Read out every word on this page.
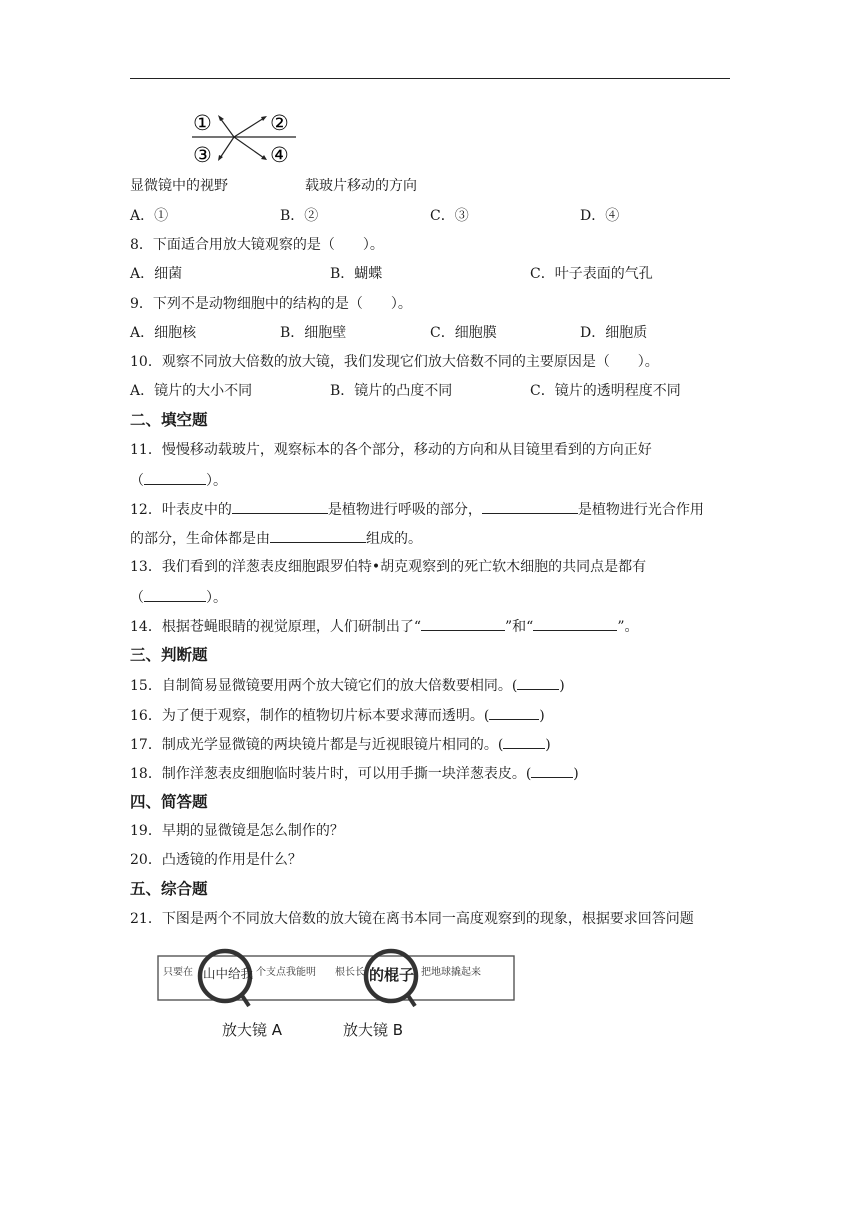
①	②
③	④
显微镜中的视野	载玻片移动的方向
A．①	B．②	C．③	D．④
8．下面适合用放大镜观察的是（　　）。
A．细菌	B．蝴蝶	C．叶子表面的气孔
9．下列不是动物细胞中的结构的是（　　）。
A．细胞核	B．细胞壁	C．细胞膜	D．细胞质
10．观察不同放大倍数的放大镜，我们发现它们放大倍数不同的主要原因是（　　）。
A．镜片的大小不同	B．镜片的凸度不同	C．镜片的透明程度不同
二、填空题
11．慢慢移动载玻片，观察标本的各个部分，移动的方向和从目镜里看到的方向正好
（	）。
12．叶表皮中的	是植物进行呼吸的部分，	是植物进行光合作用
的部分，生命体都是由	组成的。
13．我们看到的洋葱表皮细胞跟罗伯特•胡克观察到的死亡软木细胞的共同点是都有
（	）。
14．根据苍蝇眼睛的视觉原理，人们研制出了“	”和“	”。
三、判断题
15．自制简易显微镜要用两个放大镜它们的放大倍数要相同。(	)
16．为了便于观察，制作的植物切片标本要求薄而透明。(	)
17．制成光学显微镜的两块镜片都是与近视眼镜片相同的。(	)
18．制作洋葱表皮细胞临时装片时，可以用手撕一块洋葱表皮。(	)
四、简答题
19．早期的显微镜是怎么制作的？
20．凸透镜的作用是什么？
五、综合题
21．下图是两个不同放大倍数的放大镜在离书本同一高度观察到的现象，根据要求回答问题
只要在 山中给我 个支点我能明 根长长 的棍子 把地球撬起来
放大镜 A	放大镜 B
